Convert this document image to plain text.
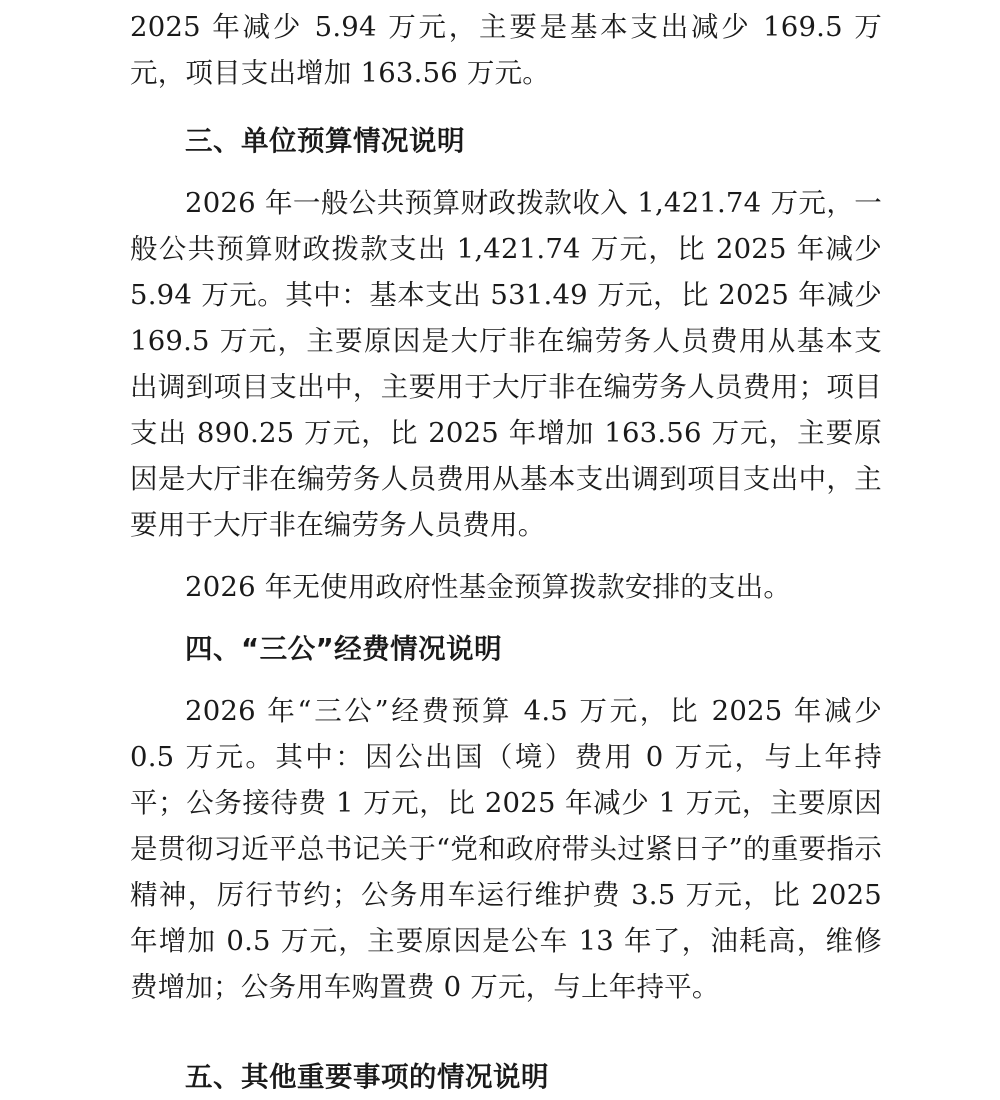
2025 年减少 5.94 万元，主要是基本支出减少 169.5 万元，项目支出增加 163.56 万元。

三、单位预算情况说明

2026 年一般公共预算财政拨款收入 1,421.74 万元，一般公共预算财政拨款支出 1,421.74 万元，比 2025 年减少 5.94 万元。其中：基本支出 531.49 万元，比 2025 年减少 169.5 万元，主要原因是大厅非在编劳务人员费用从基本支出调到项目支出中，主要用于大厅非在编劳务人员费用；项目支出 890.25 万元，比 2025 年增加 163.56 万元，主要原因是大厅非在编劳务人员费用从基本支出调到项目支出中，主要用于大厅非在编劳务人员费用。

2026 年无使用政府性基金预算拨款安排的支出。

四、“三公”经费情况说明

2026 年“三公”经费预算 4.5 万元，比 2025 年减少 0.5 万元。其中：因公出国（境）费用 0 万元，与上年持平；公务接待费 1 万元，比 2025 年减少 1 万元，主要原因是贯彻习近平总书记关于“党和政府带头过紧日子”的重要指示精神，厉行节约；公务用车运行维护费 3.5 万元，比 2025 年增加 0.5 万元，主要原因是公车 13 年了，油耗高，维修费增加；公务用车购置费 0 万元，与上年持平。

五、其他重要事项的情况说明
